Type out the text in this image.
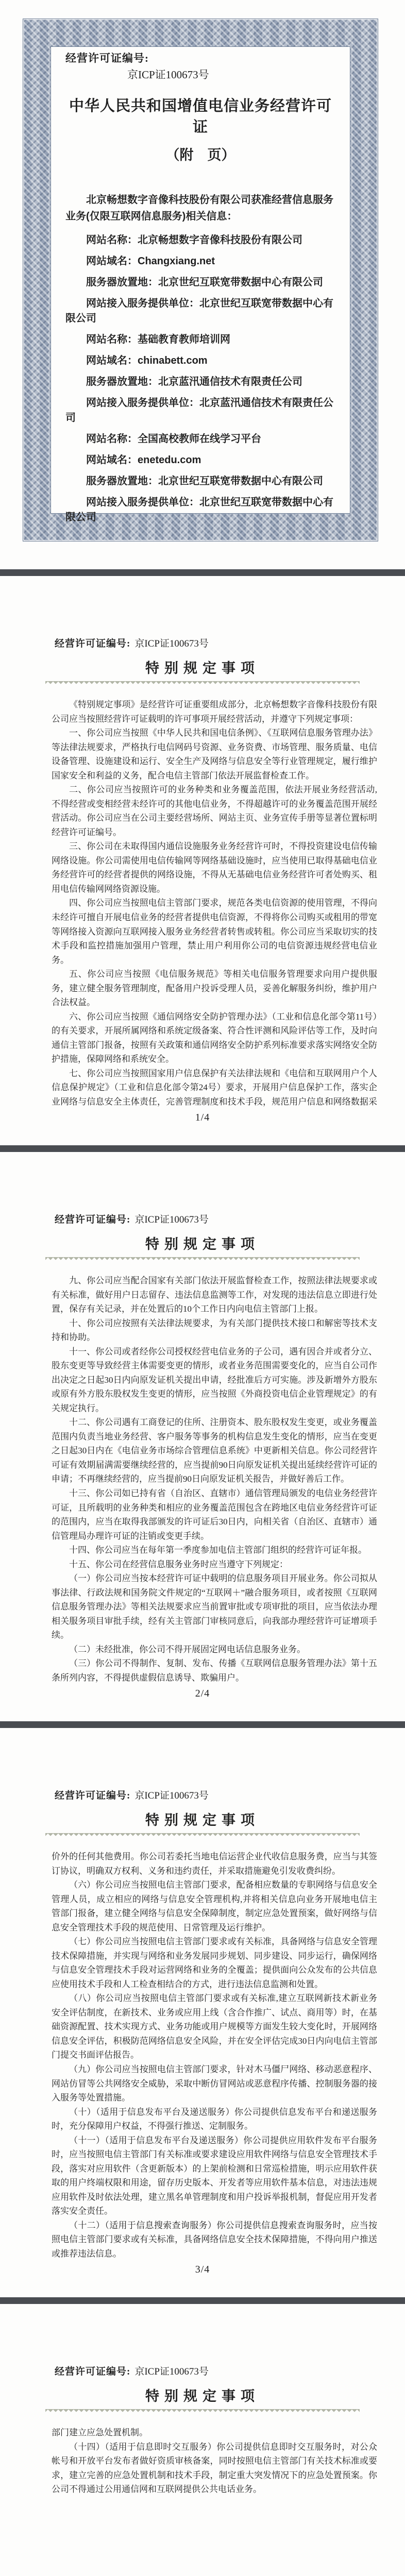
经营许可证编号:
京ICP证100673号
中华人民共和国增值电信业务经营许可证
（附　页）

北京畅想数字音像科技股份有限公司获准经营信息服务业务(仅限互联网信息服务)相关信息：

网站名称：北京畅想数字音像科技股份有限公司

网站域名：Changxiang.net

服务器放置地：北京世纪互联宽带数据中心有限公司

网站接入服务提供单位：北京世纪互联宽带数据中心有限公司

网站名称：基础教育教师培训网

网站域名：chinabett.com

服务器放置地：北京蓝汛通信技术有限责任公司

网站接入服务提供单位：北京蓝汛通信技术有限责任公司

网站名称：全国高校教师在线学习平台

网站域名：enetedu.com

服务器放置地：北京世纪互联宽带数据中心有限公司

网站接入服务提供单位：北京世纪互联宽带数据中心有限公司

经营许可证编号: 京ICP证100673号
特别规定事项

《特别规定事项》是经营许可证重要组成部分，北京畅想数字音像科技股份有限公司应当按照经营许可证载明的许可事项开展经营活动，并遵守下列规定事项：

一、你公司应当按照《中华人民共和国电信条例》、《互联网信息服务管理办法》等法律法规要求，严格执行电信网码号资源、业务资费、市场管理、服务质量、电信设备管理、设施建设和运行、安全生产及网络与信息安全等行业管理规定，履行维护国家安全和利益的义务，配合电信主管部门依法开展监督检查工作。

二、你公司应当按照许可的业务种类和业务覆盖范围，依法开展业务经营活动,不得经营或变相经营未经许可的其他电信业务，不得超越许可的业务覆盖范围开展经营活动。你公司应当在公司主要经营场所、网站主页、业务宣传手册等显著位置标明经营许可证编号。

三、你公司在未取得国内通信设施服务业务经营许可时，不得投资建设电信传输网络设施。你公司需使用电信传输网等网络基础设施时，应当使用已取得基础电信业务经营许可的经营者提供的网络设施，不得从无基础电信业务经营许可者处购买、租用电信传输网网络资源设施。

四、你公司应当按照电信主管部门要求，规范各类电信资源的使用管理，不得向未经许可擅自开展电信业务的经营者提供电信资源，不得将你公司购买或租用的带宽等网络接入资源向互联网接入服务业务经营者转售或转租。你公司应当采取切实的技术手段和监控措施加强用户管理，禁止用户利用你公司的电信资源违规经营电信业务。

五、你公司应当按照《电信服务规范》等相关电信服务管理要求向用户提供服务，建立健全服务管理制度，配备用户投诉受理人员，妥善化解服务纠纷，维护用户合法权益。

六、你公司应当按照《通信网络安全防护管理办法》（工业和信息化部令第11号）的有关要求，开展所属网络和系统定级备案、符合性评测和风险评估等工作，及时向通信主管部门报备，按照有关政策和通信网络安全防护系列标准要求落实网络安全防护措施，保障网络和系统安全。

七、你公司应当按照国家用户信息保护有关法律法规和《电信和互联网用户个人信息保护规定》（工业和信息化部令第24号）要求，开展用户信息保护工作，落实企业网络与信息安全主体责任，完善管理制度和技术手段，规范用户信息和网络数据采

1/4
经营许可证编号: 京ICP证100673号
特别规定事项

九、你公司应当配合国家有关部门依法开展监督检查工作，按照法律法规要求或有关标准，做好用户日志留存、违法信息监测等工作，对发现的违法信息立即进行处置，保存有关记录，并在处置后的10个工作日内向电信主管部门上报。

十、你公司应按照有关法律法规要求，为有关部门提供技术接口和解密等技术支持和协助。

十一、你公司或者经你公司授权经营电信业务的子公司，遇有因合并或者分立、股东变更等导致经营主体需要变更的情形，或者业务范围需要变化的，应当自公司作出决定之日起30日内向原发证机关提出申请，经批准后方可实施。涉及新增外方股东或原有外方股东股权发生变更的情形，应当按照《外商投资电信企业管理规定》的有关规定执行。

十二、你公司遇有工商登记的住所、注册资本、股东股权发生变更，或业务覆盖范围内负责当地业务经营、客户服务等事务的机构信息发生变化的情形，应当在变更之日起30日内在《电信业务市场综合管理信息系统》中更新相关信息。你公司经营许可证有效期届满需要继续经营的，应当提前90日向原发证机关提出延续经营许可证的申请；不再继续经营的，应当提前90日向原发证机关报告，并做好善后工作。

十三、你公司如已持有省（自治区、直辖市）通信管理局颁发的电信业务经营许可证，且所载明的业务种类和相应的业务覆盖范围包含在跨地区电信业务经营许可证的范围内，应当在取得我部颁发的许可证后30日内，向相关省（自治区、直辖市）通信管理局办理许可证的注销或变更手续。

十四、你公司应当在每年第一季度参加电信主管部门组织的经营许可证年报。

十五、你公司在经营信息服务业务时应当遵守下列规定：

（一）你公司应当按本经营许可证中载明的信息服务项目开展业务。你公司拟从事法律、行政法规和国务院文件规定的“互联网＋”融合服务项目，或者按照《互联网信息服务管理办法》等相关法规要求应当前置审批或专项审批的项目，应当依法办理相关服务项目审批手续，经有关主管部门审核同意后，向我部办理经营许可证增项手续。

（二）未经批准，你公司不得开展固定网电话信息服务业务。

（三）你公司不得制作、复制、发布、传播《互联网信息服务管理办法》第十五条所列内容，不得提供虚假信息诱导、欺骗用户。

2/4
经营许可证编号: 京ICP证100673号
特别规定事项

价外的任何其他费用。你公司若委托当地电信运营企业代收信息服务费，应当与其签订协议，明确双方权利、义务和违约责任，并采取措施避免引发收费纠纷。

（六）你公司应当按照电信主管部门要求，配备相应数量的专职网络与信息安全管理人员，成立相应的网络与信息安全管理机构,并将相关信息向业务开展地电信主管部门报备，建立健全网络与信息安全保障制度，制定应急处置预案，做好网络与信息安全管理技术手段的规范使用、日常管理及运行维护。

（七）你公司应当按照电信主管部门要求或有关标准，具备网络与信息安全管理技术保障措施，并实现与网络和业务发展同步规划、同步建设、同步运行，确保网络与信息安全管理技术手段对运营网络和业务的全覆盖；提供面向公众发布的公共信息应使用技术手段和人工检查相结合的方式，进行违法信息监测和处置。

（八）你公司应当按照电信主管部门要求或有关标准,建立互联网新技术新业务安全评估制度，在新技术、业务或应用上线（含合作推广、试点、商用等）时，在基础资源配置、技术实现方式、业务功能或用户规模等方面发生较大变化时，开展网络信息安全评估，积极防范网络信息安全风险，并在安全评估完成30日内向电信主管部门提交书面评估报告。

（九）你公司应当按照电信主管部门要求，针对木马僵尸网络、移动恶意程序、网站仿冒等公共网络安全威胁，采取中断仿冒网站或恶意程序传播、控制服务器的接入服务等处置措施。

（十）（适用于信息发布平台及递送服务）你公司提供信息发布平台和递送服务时，充分保障用户权益，不得强行推送、定制服务。

（十一）（适用于信息发布平台及递送服务）你公司提供应用软件发布平台服务时，应当按照电信主管部门有关标准或要求建设应用软件网络与信息安全管理技术手段，落实对应用软件（含更新版本）的上架前检测和日常巡检措施，明示应用软件获取的用户终端权限和用途，留存历史版本、开发者等应用软件基本信息，对违法违规应用软件及时依法处理，建立黑名单管理制度和用户投诉举报机制，督促应用开发者落实安全责任。

（十二）（适用于信息搜索查询服务）你公司提供信息搜索查询服务时，应当按照电信主管部门要求或有关标准，具备网络信息安全技术保障措施，不得向用户推送或推荐违法信息。

3/4
经营许可证编号: 京ICP证100673号
特别规定事项

部门建立应急处置机制。

（十四）（适用于信息即时交互服务）你公司提供信息即时交互服务时，对公众帐号和开放平台发布者做好资质审核备案，同时按照电信主管部门有关技术标准或要求，建立完善的应急处置机制和技术手段，制定重大突发情况下的应急处置预案。你公司不得通过公用通信网和互联网提供公共电话业务。
